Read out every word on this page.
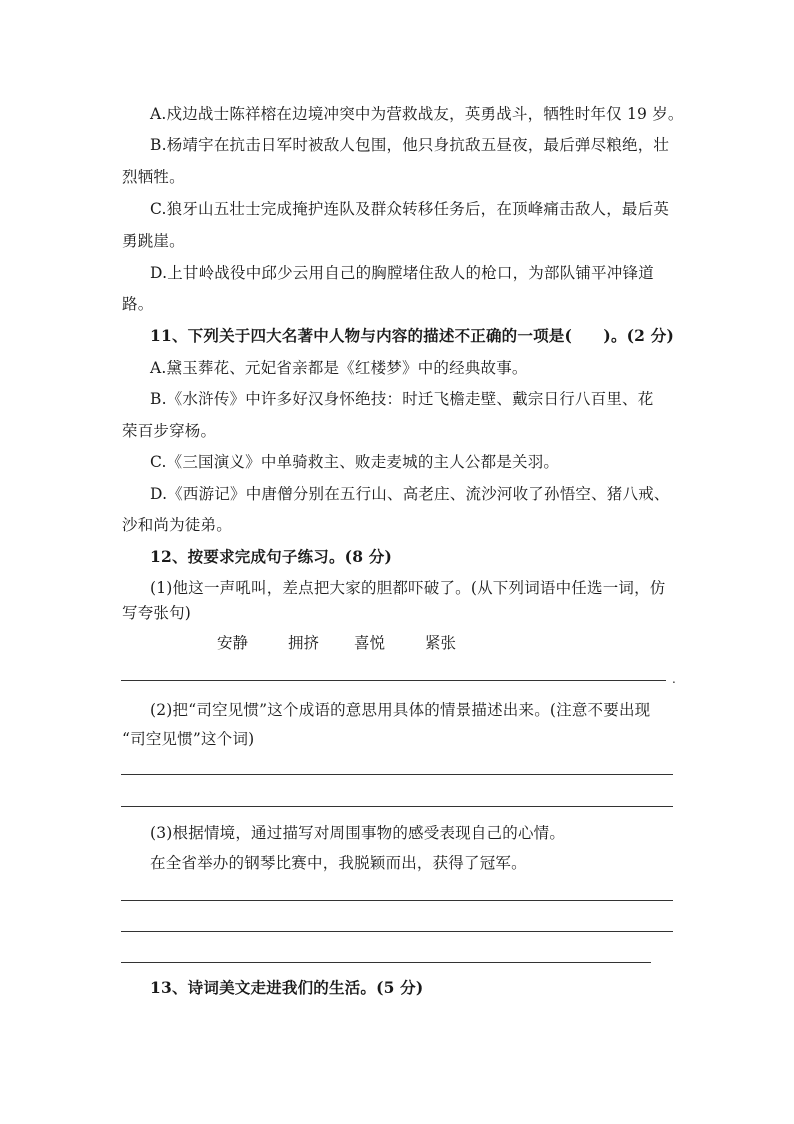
A.戍边战士陈祥榕在边境冲突中为营救战友，英勇战斗，牺牲时年仅 19 岁。
B.杨靖宇在抗击日军时被敌人包围，他只身抗敌五昼夜，最后弹尽粮绝，壮
烈牺牲。
C.狼牙山五壮士完成掩护连队及群众转移任务后，在顶峰痛击敌人，最后英
勇跳崖。
D.上甘岭战役中邱少云用自己的胸膛堵住敌人的枪口，为部队铺平冲锋道
路。
11、下列关于四大名著中人物与内容的描述不正确的一项是(　　)。(2 分)
A.黛玉葬花、元妃省亲都是《红楼梦》中的经典故事。
B.《水浒传》中许多好汉身怀绝技：时迁飞檐走壁、戴宗日行八百里、花
荣百步穿杨。
C.《三国演义》中单骑救主、败走麦城的主人公都是关羽。
D.《西游记》中唐僧分别在五行山、高老庄、流沙河收了孙悟空、猪八戒、
沙和尚为徒弟。
12、按要求完成句子练习。(8 分)
(1)他这一声吼叫，差点把大家的胆都吓破了。(从下列词语中任选一词，仿
写夸张句)
安静	拥挤 喜悦	紧张
.
(2)把“司空见惯”这个成语的意思用具体的情景描述出来。(注意不要出现
“司空见惯”这个词)
(3)根据情境，通过描写对周围事物的感受表现自己的心情。
在全省举办的钢琴比赛中，我脱颖而出，获得了冠军。
13、诗词美文走进我们的生活。(5 分)
